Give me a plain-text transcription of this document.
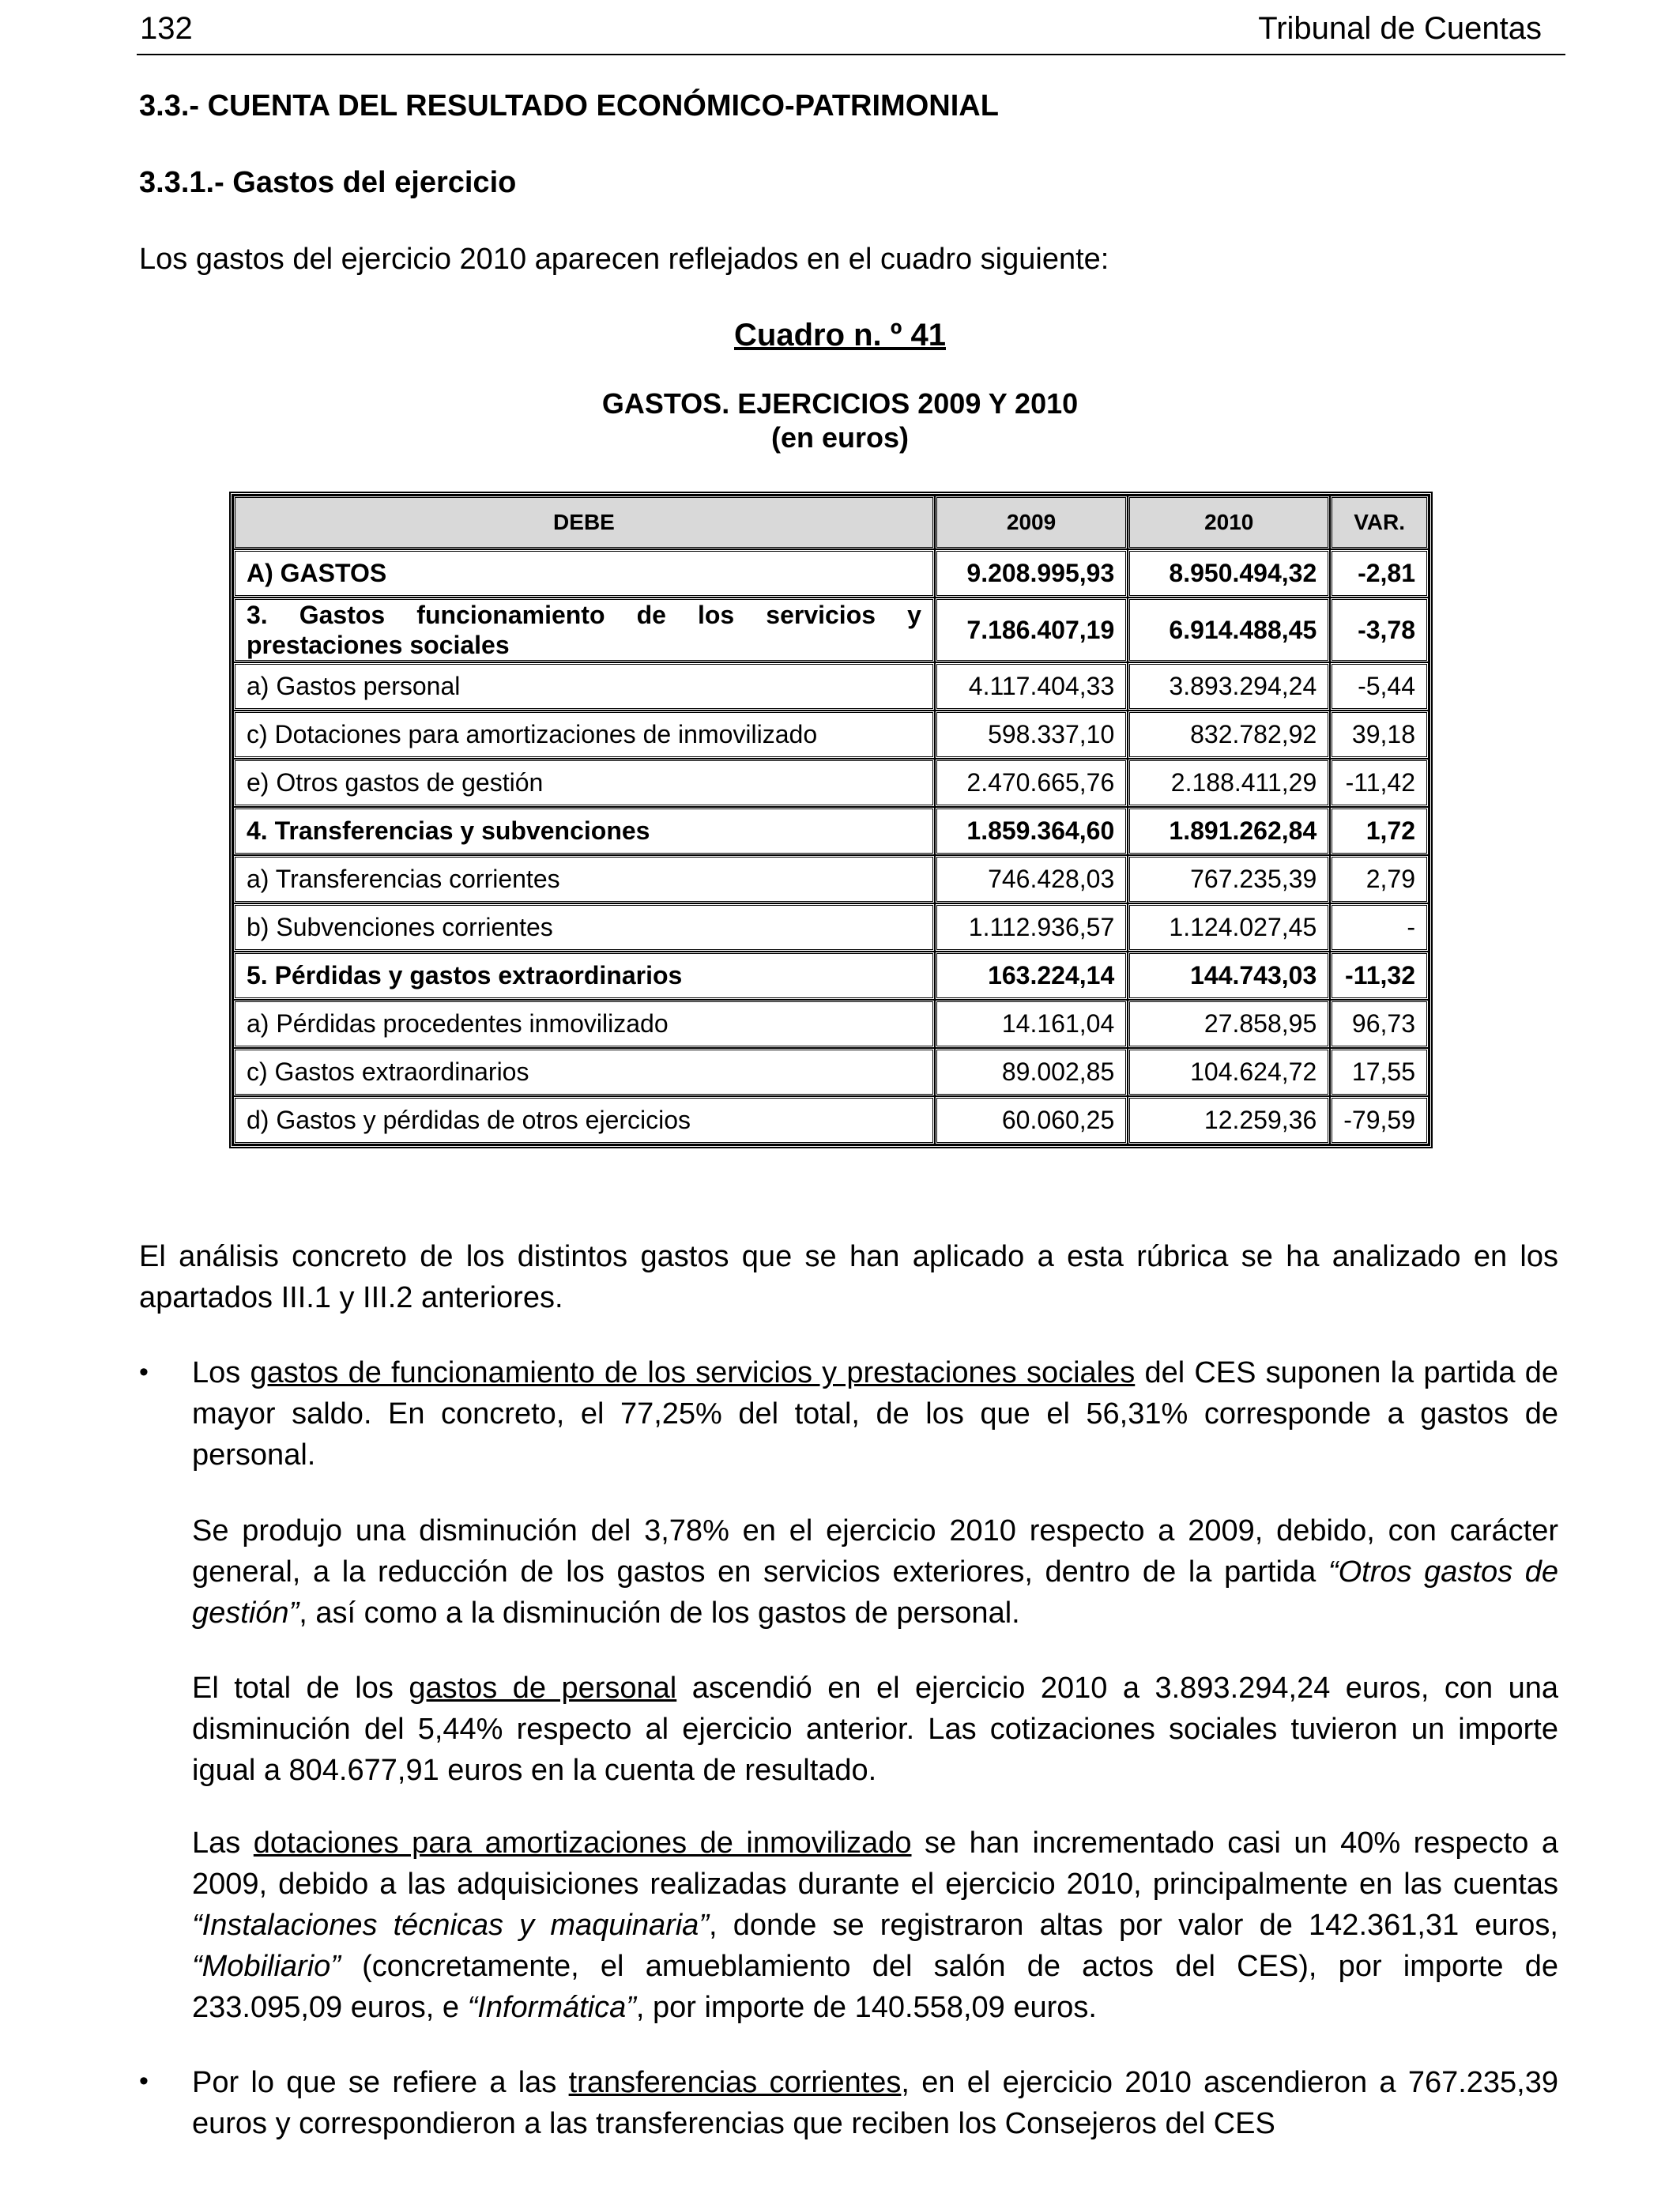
132	Tribunal de Cuentas
3.3.- CUENTA DEL RESULTADO ECONÓMICO-PATRIMONIAL
3.3.1.- Gastos del ejercicio
Los gastos del ejercicio 2010 aparecen reflejados en el cuadro siguiente:
Cuadro n. º 41
GASTOS. EJERCICIOS 2009 Y 2010
(en euros)
DEBE	2009	2010	VAR.
A) GASTOS	9.208.995,93	8.950.494,32	-2,81
3. Gastos funcionamiento de los servicios y prestaciones sociales	7.186.407,19	6.914.488,45	-3,78
a) Gastos personal	4.117.404,33	3.893.294,24	-5,44
c) Dotaciones para amortizaciones de inmovilizado	598.337,10	832.782,92	39,18
e) Otros gastos de gestión	2.470.665,76	2.188.411,29	-11,42
4. Transferencias y subvenciones	1.859.364,60	1.891.262,84	1,72
a) Transferencias corrientes	746.428,03	767.235,39	2,79
b) Subvenciones corrientes	1.112.936,57	1.124.027,45	-
5. Pérdidas y gastos extraordinarios	163.224,14	144.743,03	-11,32
a) Pérdidas procedentes inmovilizado	14.161,04	27.858,95	96,73
c) Gastos extraordinarios	89.002,85	104.624,72	17,55
d) Gastos y pérdidas de otros ejercicios	60.060,25	12.259,36	-79,59
El análisis concreto de los distintos gastos que se han aplicado a esta rúbrica se ha analizado en los apartados III.1 y III.2 anteriores.
• Los gastos de funcionamiento de los servicios y prestaciones sociales del CES suponen la partida de mayor saldo. En concreto, el 77,25% del total, de los que el 56,31% corresponde a gastos de personal.
Se produjo una disminución del 3,78% en el ejercicio 2010 respecto a 2009, debido, con carácter general, a la reducción de los gastos en servicios exteriores, dentro de la partida “Otros gastos de gestión”, así como a la disminución de los gastos de personal.
El total de los gastos de personal ascendió en el ejercicio 2010 a 3.893.294,24 euros, con una disminución del 5,44% respecto al ejercicio anterior. Las cotizaciones sociales tuvieron un importe igual a 804.677,91 euros en la cuenta de resultado.
Las dotaciones para amortizaciones de inmovilizado se han incrementado casi un 40% respecto a 2009, debido a las adquisiciones realizadas durante el ejercicio 2010, principalmente en las cuentas “Instalaciones técnicas y maquinaria”, donde se registraron altas por valor de 142.361,31 euros, “Mobiliario” (concretamente, el amueblamiento del salón de actos del CES), por importe de 233.095,09 euros, e “Informática”, por importe de 140.558,09 euros.
• Por lo que se refiere a las transferencias corrientes, en el ejercicio 2010 ascendieron a 767.235,39 euros y correspondieron a las transferencias que reciben los Consejeros del CES
